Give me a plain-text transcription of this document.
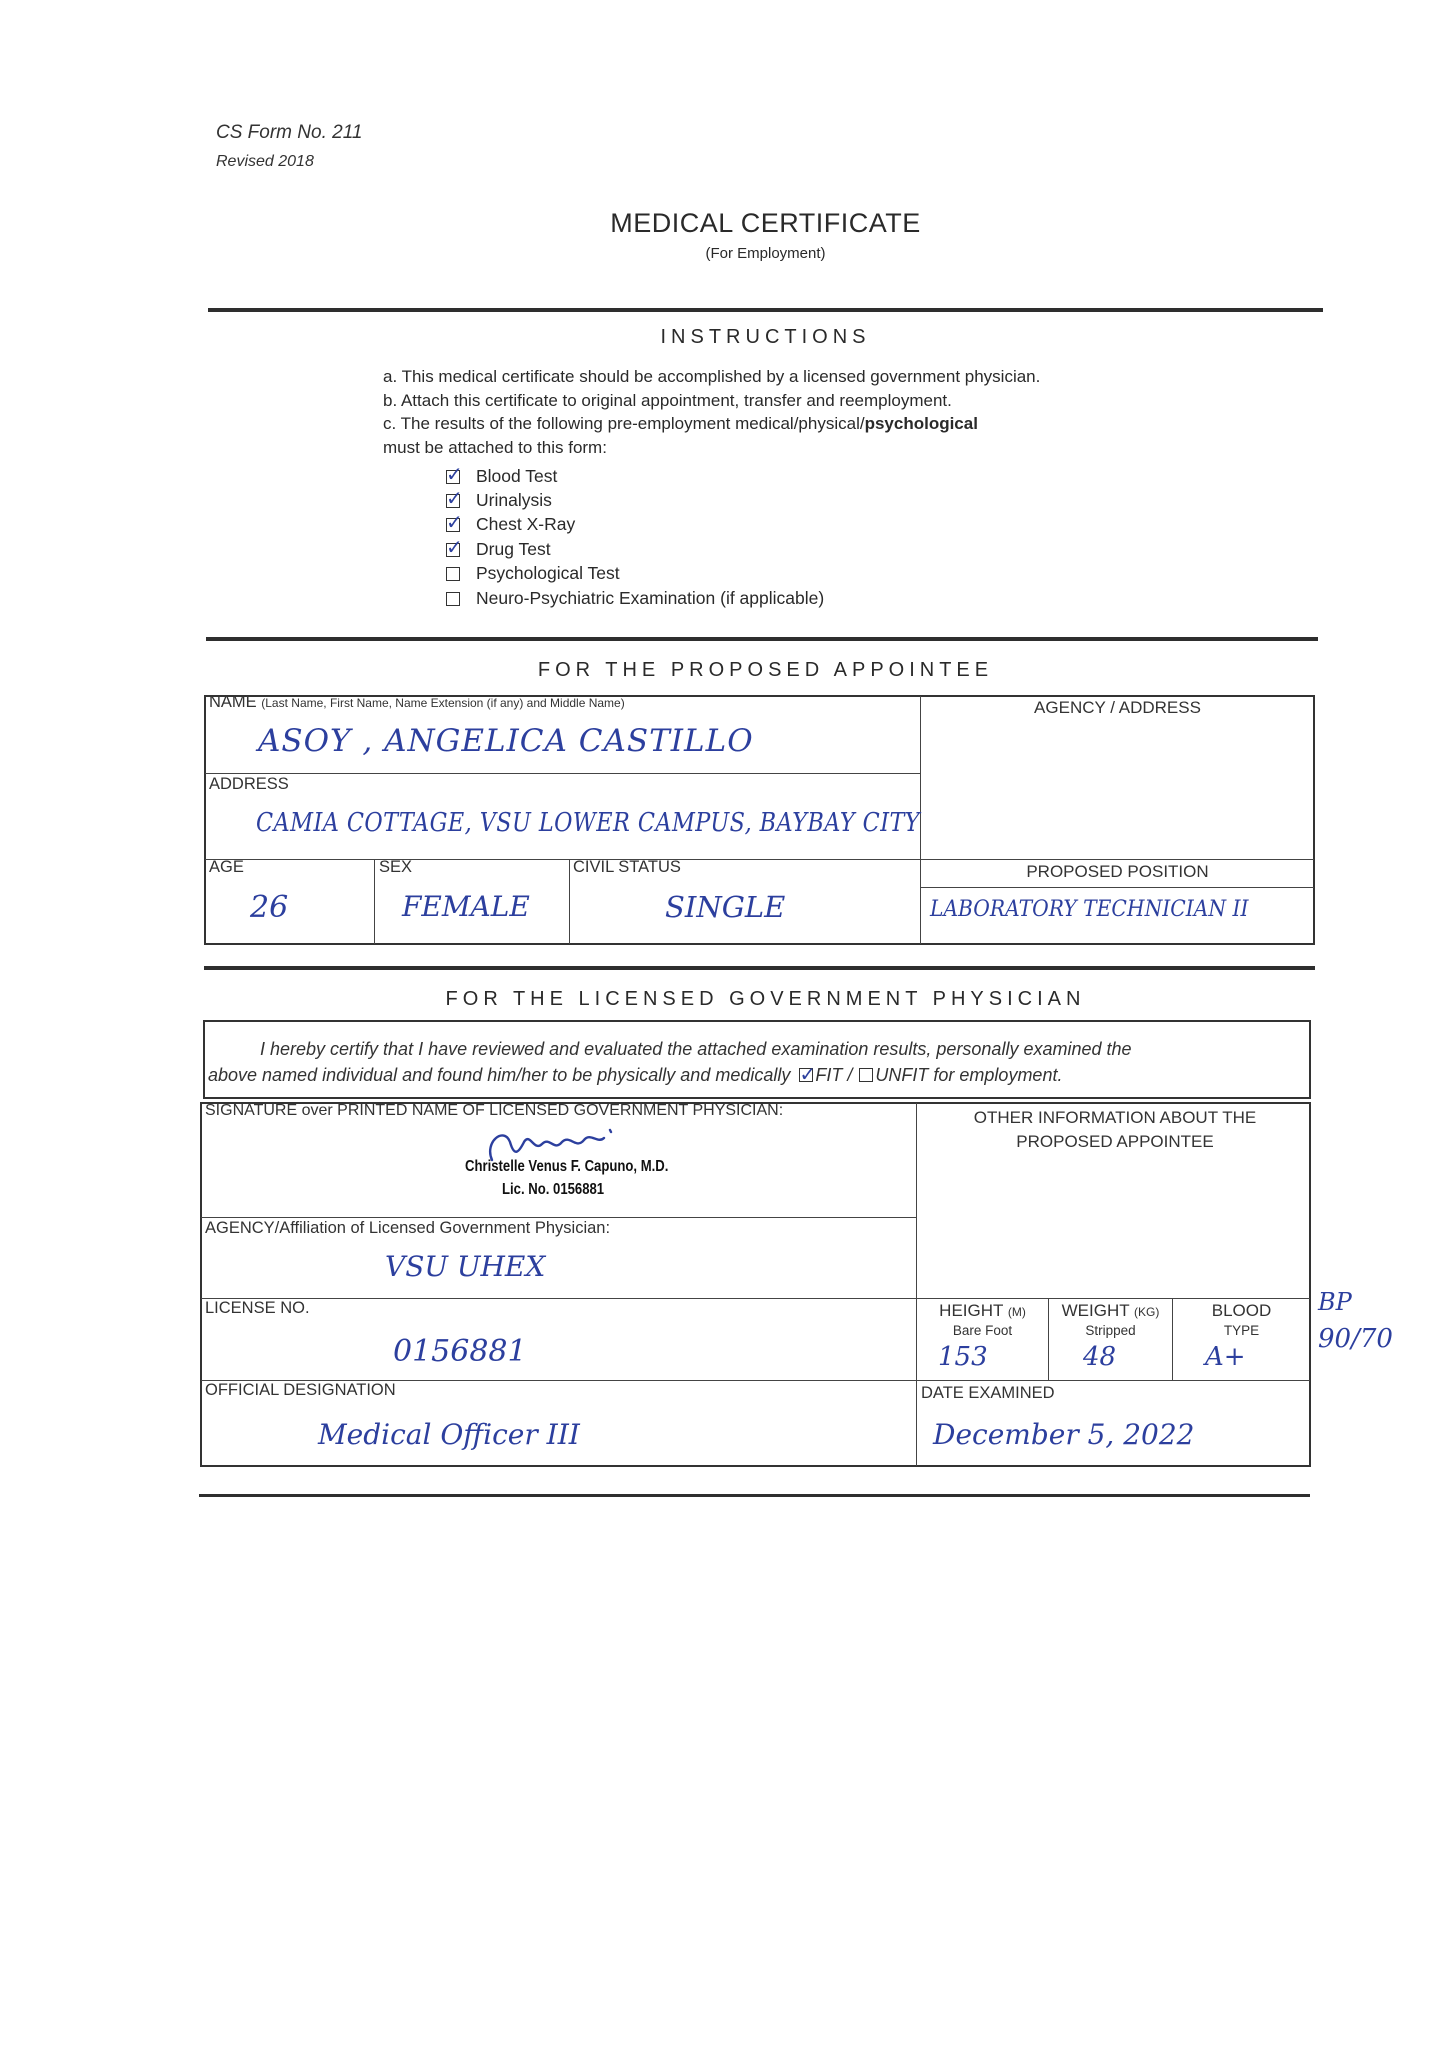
CS Form No. 211
Revised 2018
MEDICAL CERTIFICATE
(For Employment)
INSTRUCTIONS
a. This medical certificate should be accomplished by a licensed government physician.
b. Attach this certificate to original appointment, transfer and reemployment.
c. The results of the following pre-employment medical/physical/psychological
must be attached to this form:
✓
Blood Test
✓
Urinalysis
✓
Chest X-Ray
✓
Drug Test
Psychological Test
Neuro-Psychiatric Examination (if applicable)
FOR THE PROPOSED APPOINTEE
NAME (Last Name, First Name, Name Extension (if any) and Middle Name)
ASOY , ANGELICA CASTILLO
AGENCY / ADDRESS
ADDRESS
CAMIA COTTAGE, VSU LOWER CAMPUS, BAYBAY CITY
AGE
26
SEX
FEMALE
CIVIL STATUS
SINGLE
PROPOSED POSITION
LABORATORY TECHNICIAN II
FOR THE LICENSED GOVERNMENT PHYSICIAN
I hereby certify that I have reviewed and evaluated the attached examination results, personally examined the
above named individual and found him/her to be physically and medically ✓ FIT / UNFIT for employment.
SIGNATURE over PRINTED NAME OF LICENSED GOVERNMENT PHYSICIAN:
Christelle Venus F. Capuno, M.D.
Lic. No. 0156881
OTHER INFORMATION ABOUT THE PROPOSED APPOINTEE
AGENCY/Affiliation of Licensed Government Physician:
VSU UHEX
LICENSE NO.
0156881
HEIGHT (M)
Bare Foot
153
WEIGHT (KG)
Stripped
48
BLOOD
TYPE
A+
BP
90/70
OFFICIAL DESIGNATION
Medical Officer III
DATE EXAMINED
December 5, 2022
